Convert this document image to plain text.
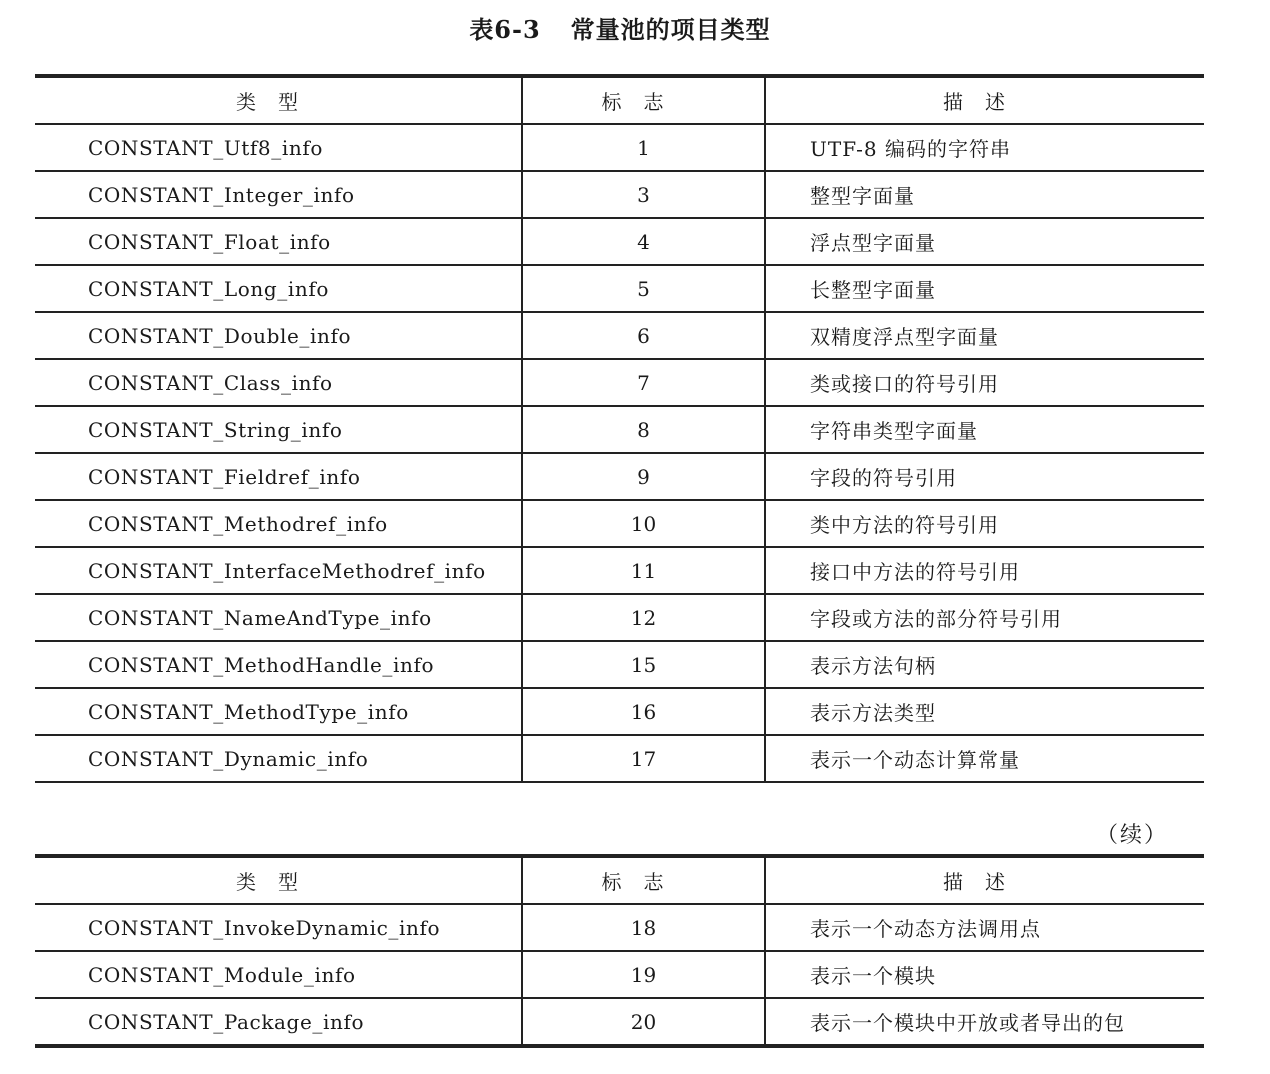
表6-3 常量池的项目类型
类型	标志	描述
CONSTANT_Utf8_info	1	UTF-8 编码的字符串
CONSTANT_Integer_info	3	整型字面量
CONSTANT_Float_info	4	浮点型字面量
CONSTANT_Long_info	5	长整型字面量
CONSTANT_Double_info	6	双精度浮点型字面量
CONSTANT_Class_info	7	类或接口的符号引用
CONSTANT_String_info	8	字符串类型字面量
CONSTANT_Fieldref_info	9	字段的符号引用
CONSTANT_Methodref_info	10	类中方法的符号引用
CONSTANT_InterfaceMethodref_info	11	接口中方法的符号引用
CONSTANT_NameAndType_info	12	字段或方法的部分符号引用
CONSTANT_MethodHandle_info	15	表示方法句柄
CONSTANT_MethodType_info	16	表示方法类型
CONSTANT_Dynamic_info	17	表示一个动态计算常量
（续）
类型	标志	描述
CONSTANT_InvokeDynamic_info	18	表示一个动态方法调用点
CONSTANT_Module_info	19	表示一个模块
CONSTANT_Package_info	20	表示一个模块中开放或者导出的包
